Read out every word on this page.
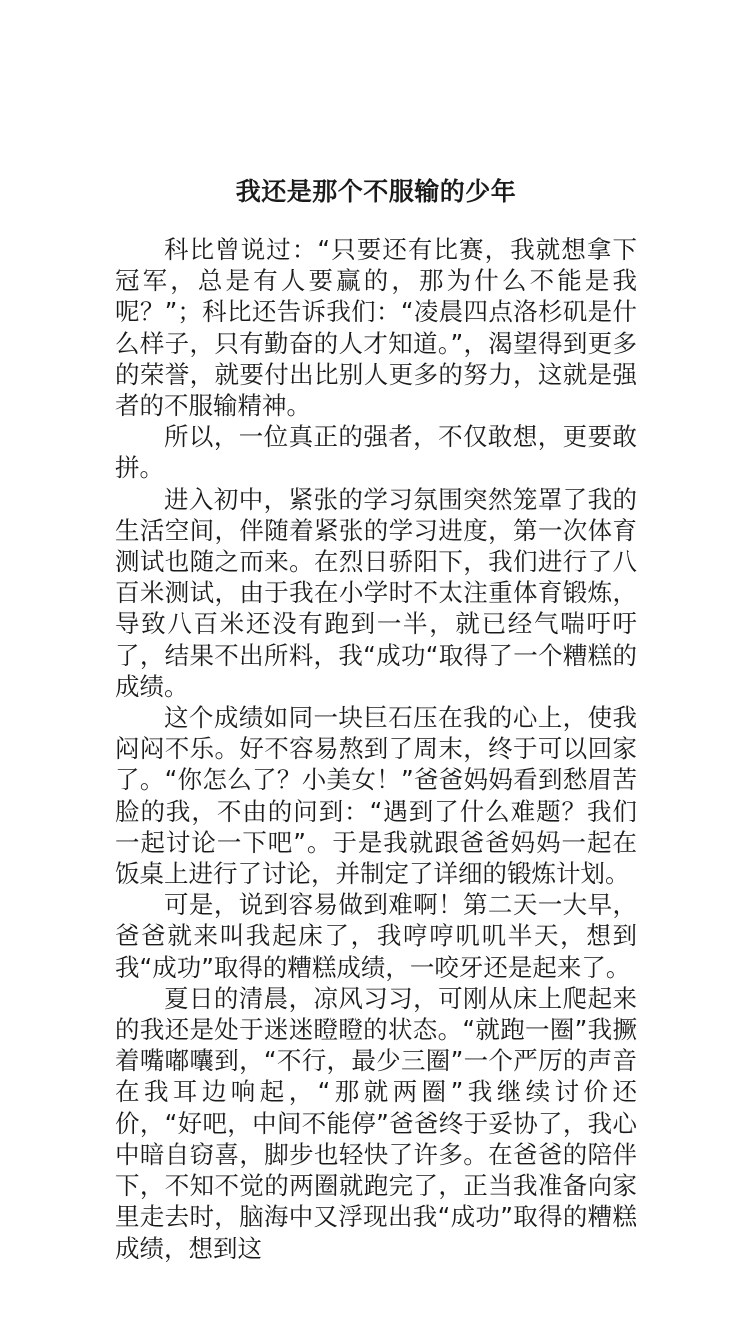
我还是那个不服输的少年

科比曾说过：“只要还有比赛，我就想拿下冠军，总是有人要赢的，那为什么不能是我呢？”；科比还告诉我们：“凌晨四点洛杉矶是什么样子，只有勤奋的人才知道。”，渴望得到更多的荣誉，就要付出比别人更多的努力，这就是强者的不服输精神。

所以，一位真正的强者，不仅敢想，更要敢拼。

进入初中，紧张的学习氛围突然笼罩了我的生活空间，伴随着紧张的学习进度，第一次体育测试也随之而来。在烈日骄阳下，我们进行了八百米测试，由于我在小学时不太注重体育锻炼，导致八百米还没有跑到一半，就已经气喘吁吁了，结果不出所料，我“成功“取得了一个糟糕的成绩。

这个成绩如同一块巨石压在我的心上，使我闷闷不乐。好不容易熬到了周末，终于可以回家了。“你怎么了？小美女！”爸爸妈妈看到愁眉苦脸的我，不由的问到：“遇到了什么难题？我们一起讨论一下吧”。于是我就跟爸爸妈妈一起在饭桌上进行了讨论，并制定了详细的锻炼计划。

可是，说到容易做到难啊！第二天一大早，爸爸就来叫我起床了，我哼哼叽叽半天，想到我“成功”取得的糟糕成绩，一咬牙还是起来了。

夏日的清晨，凉风习习，可刚从床上爬起来的我还是处于迷迷瞪瞪的状态。“就跑一圈”我撅着嘴嘟囔到，“不行，最少三圈”一个严厉的声音在我耳边响起，“那就两圈”我继续讨价还价，“好吧，中间不能停”爸爸终于妥协了，我心中暗自窃喜，脚步也轻快了许多。在爸爸的陪伴下，不知不觉的两圈就跑完了，正当我准备向家里走去时，脑海中又浮现出我“成功”取得的糟糕成绩，想到这
